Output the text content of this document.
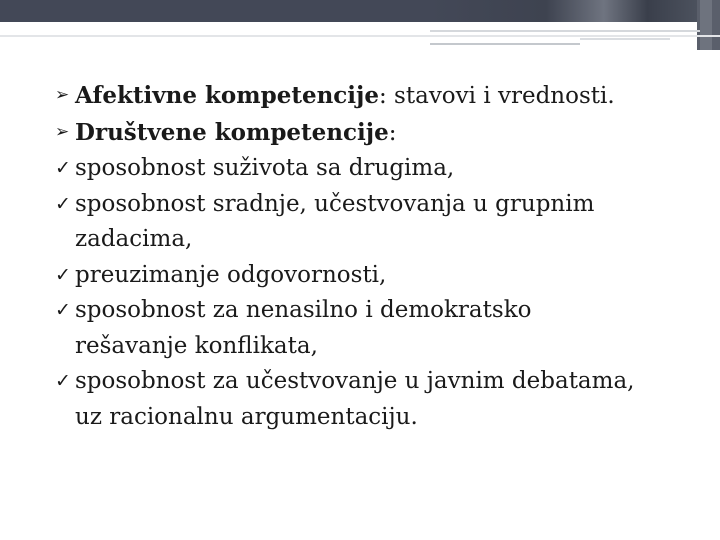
➢ Afektivne kompetencije: stavovi i vrednosti.
➢ Društvene kompetencije:
✓ sposobnost suživota sa drugima,
✓ sposobnost sradnje, učestvovanja u grupnim
zadacima,
✓ preuzimanje odgovornosti,
✓ sposobnost za nenasilno i demokratsko
rešavanje konflikata,
✓ sposobnost za učestvovanje u javnim debatama,
uz racionalnu argumentaciju.
